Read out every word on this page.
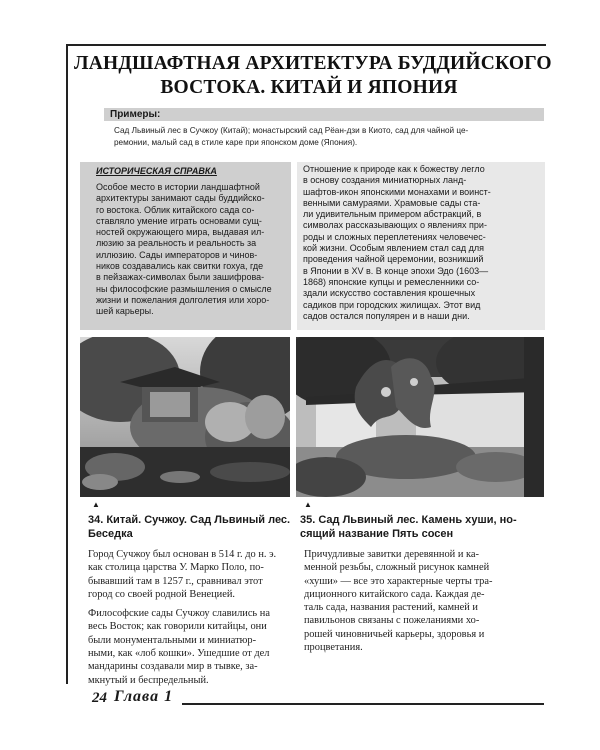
ЛАНДШАФТНАЯ АРХИТЕКТУРА БУДДИЙСКОГО
ВОСТОКА. КИТАЙ И ЯПОНИЯ
Примеры:
Сад Львиный лес в Сучжоу (Китай); монастырский сад Рёан-дзи в Киото, сад для чайной це-
ремонии, малый сад в стиле каре при японском доме (Япония).
ИСТОРИЧЕСКАЯ СПРАВКА
Особое место в истории ландшафтной
архитектуры занимают сады буддийско-
го востока. Облик китайского сада со-
ставляло умение играть основами сущ-
ностей окружающего мира, выдавая ил-
люзию за реальность и реальность за
иллюзию. Сады императоров и чинов-
ников создавались как свитки гохуа, где
в пейзажах-символах были зашифрова-
ны философские размышления о смысле
жизни и пожелания долголетия или хоро-
шей карьеры.
Отношение к природе как к божеству легло
в основу создания миниатюрных ланд-
шафтов-икон японскими монахами и воинст-
венными самураями. Храмовые сады ста-
ли удивительным примером абстракций, в
символах рассказывающих о явлениях при-
роды и сложных переплетениях человечес-
кой жизни. Особым явлением стал сад для
проведения чайной церемонии, возникший
в Японии в XV в. В конце эпохи Эдо (1603—
1868) японские купцы и ремесленники со-
здали искусство составления крошечных
садиков при городских жилищах. Этот вид
садов остался популярен и в наши дни.
▲	▲
34. Китай. Сучжоу. Сад Львиный лес.
Беседка
35. Сад Львиный лес. Камень хуши, но-
сящий название Пять сосен
Город Сучжоу был основан в 514 г. до н. э.
как столица царства У. Марко Поло, по-
бывавший там в 1257 г., сравнивал этот
город со своей родной Венецией.
Философские сады Сучжоу славились на
весь Восток; как говорили китайцы, они
были монументальными и миниатюр-
ными, как «лоб кошки». Ушедшие от дел
мандарины создавали мир в тывке, за-
мкнутый и беспредельный.
Причудливые завитки деревянной и ка-
менной резьбы, сложный рисунок камней
«хуши» — все это характерные черты тра-
диционного китайского сада. Каждая де-
таль сада, названия растений, камней и
павильонов связаны с пожеланиями хо-
рошей чиновничьей карьеры, здоровья и
процветания.
24 Глава 1
